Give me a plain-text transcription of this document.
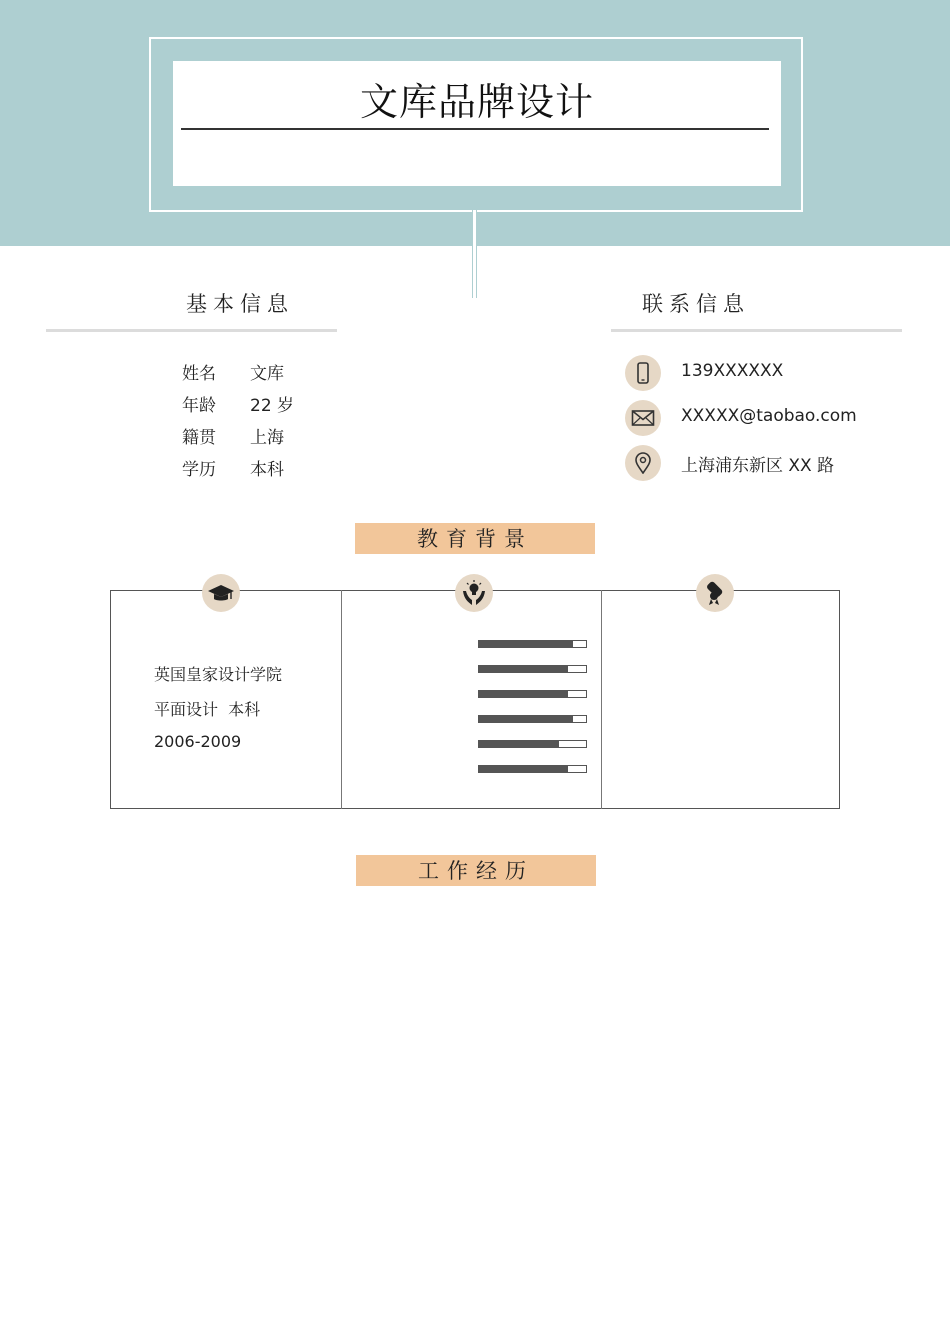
文库品牌设计
基本信息
姓名 文库
年龄 22 岁
籍贯 上海
学历 本科
联系信息
139XXXXXX
XXXXX@taobao.com
上海浦东新区 XX 路
教育背景
英国皇家设计学院
平面设计  本科
2006-2009
工作经历
